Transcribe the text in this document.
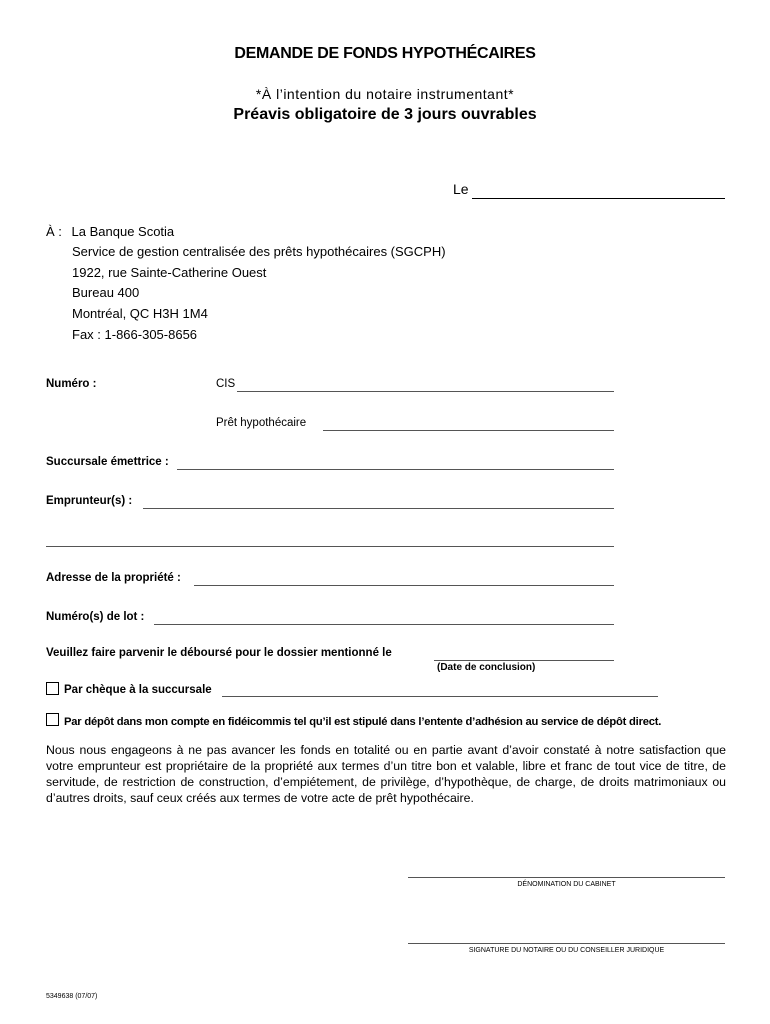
DEMANDE DE FONDS HYPOTHÉCAIRES
*À l’intention du notaire instrumentant*
Préavis obligatoire de 3 jours ouvrables
Le
À : La Banque Scotia
Service de gestion centralisée des prêts hypothécaires (SGCPH)
1922, rue Sainte-Catherine Ouest
Bureau 400
Montréal, QC H3H 1M4
Fax : 1-866-305-8656
Numéro :	CIS
Prêt hypothécaire
Succursale émettrice :
Emprunteur(s) :
Adresse de la propriété :
Numéro(s) de lot :
Veuillez faire parvenir le déboursé pour le dossier mentionné le
(Date de conclusion)
Par chèque à la succursale
Par dépôt dans mon compte en fidéicommis tel qu’il est stipulé dans l’entente d’adhésion au service de dépôt direct.
Nous nous engageons à ne pas avancer les fonds en totalité ou en partie avant d’avoir constaté à notre satisfaction que votre emprunteur est propriétaire de la propriété aux termes d’un titre bon et valable, libre et franc de tout vice de titre, de servitude, de restriction de construction, d’empiétement, de privilège, d’hypothèque, de charge, de droits matrimoniaux ou d’autres droits, sauf ceux créés aux termes de votre acte de prêt hypothécaire.
DÉNOMINATION DU CABINET
SIGNATURE DU NOTAIRE OU DU CONSEILLER JURIDIQUE
5349638 (07/07)
